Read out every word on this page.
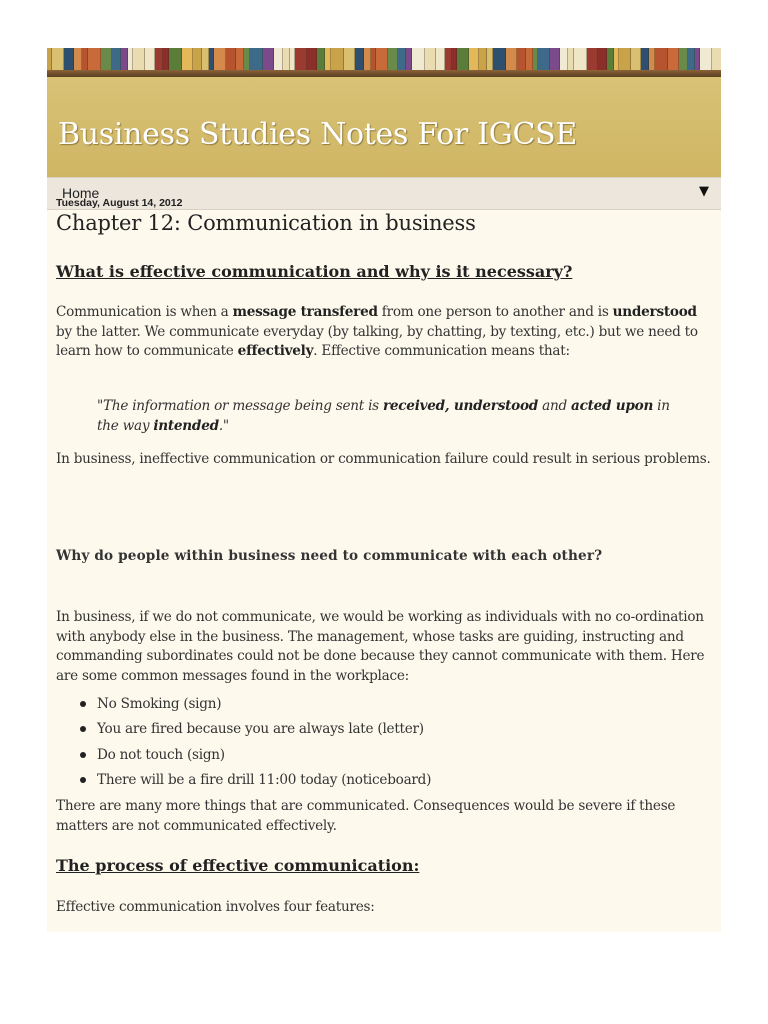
Business Studies Notes For IGCSE
Home	▼
Tuesday, August 14, 2012
Chapter 12: Communication in business
What is effective communication and why is it necessary?
Communication is when a message transfered from one person to another and is understood by the latter. We communicate everyday (by talking, by chatting, by texting, etc.) but we need to learn how to communicate effectively. Effective communication means that:
"The information or message being sent is received, understood and acted upon in the way intended."
In business, ineffective communication or communication failure could result in serious problems.
Why do people within business need to communicate with each other?
In business, if we do not communicate, we would be working as individuals with no co-ordination with anybody else in the business. The management, whose tasks are guiding, instructing and commanding subordinates could not be done because they cannot communicate with them. Here are some common messages found in the workplace:
No Smoking (sign)
You are fired because you are always late (letter)
Do not touch (sign)
There will be a fire drill 11:00 today (noticeboard)
There are many more things that are communicated. Consequences would be severe if these matters are not communicated effectively.
The process of effective communication:
Effective communication involves four features:
